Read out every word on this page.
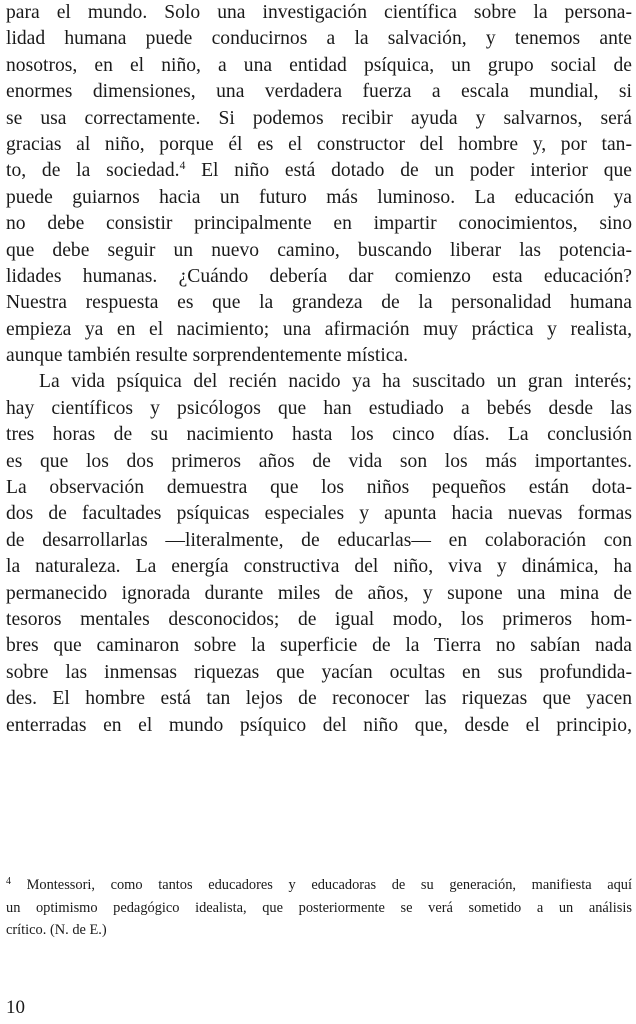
para el mundo. Solo una investigación científica sobre la persona-
lidad humana puede conducirnos a la salvación, y tenemos ante
nosotros, en el niño, a una entidad psíquica, un grupo social de
enormes dimensiones, una verdadera fuerza a escala mundial, si
se usa correctamente. Si podemos recibir ayuda y salvarnos, será
gracias al niño, porque él es el constructor del hombre y, por tan-
to, de la sociedad.$^4$ El niño está dotado de un poder interior que
puede guiarnos hacia un futuro más luminoso. La educación ya
no debe consistir principalmente en impartir conocimientos, sino
que debe seguir un nuevo camino, buscando liberar las potencia-
lidades humanas. ¿Cuándo debería dar comienzo esta educación?
Nuestra respuesta es que la grandeza de la personalidad humana
empieza ya en el nacimiento; una afirmación muy práctica y realista,
aunque también resulte sorprendentemente mística.
La vida psíquica del recién nacido ya ha suscitado un gran interés;
hay científicos y psicólogos que han estudiado a bebés desde las
tres horas de su nacimiento hasta los cinco días. La conclusión
es que los dos primeros años de vida son los más importantes.
La observación demuestra que los niños pequeños están dota-
dos de facultades psíquicas especiales y apunta hacia nuevas formas
de desarrollarlas —literalmente, de educarlas— en colaboración con
la naturaleza. La energía constructiva del niño, viva y dinámica, ha
permanecido ignorada durante miles de años, y supone una mina de
tesoros mentales desconocidos; de igual modo, los primeros hom-
bres que caminaron sobre la superficie de la Tierra no sabían nada
sobre las inmensas riquezas que yacían ocultas en sus profundida-
des. El hombre está tan lejos de reconocer las riquezas que yacen
enterradas en el mundo psíquico del niño que, desde el principio,
$^4$ Montessori, como tantos educadores y educadoras de su generación, manifiesta aquí
un optimismo pedagógico idealista, que posteriormente se verá sometido a un análisis
crítico. (N. de E.)
10
